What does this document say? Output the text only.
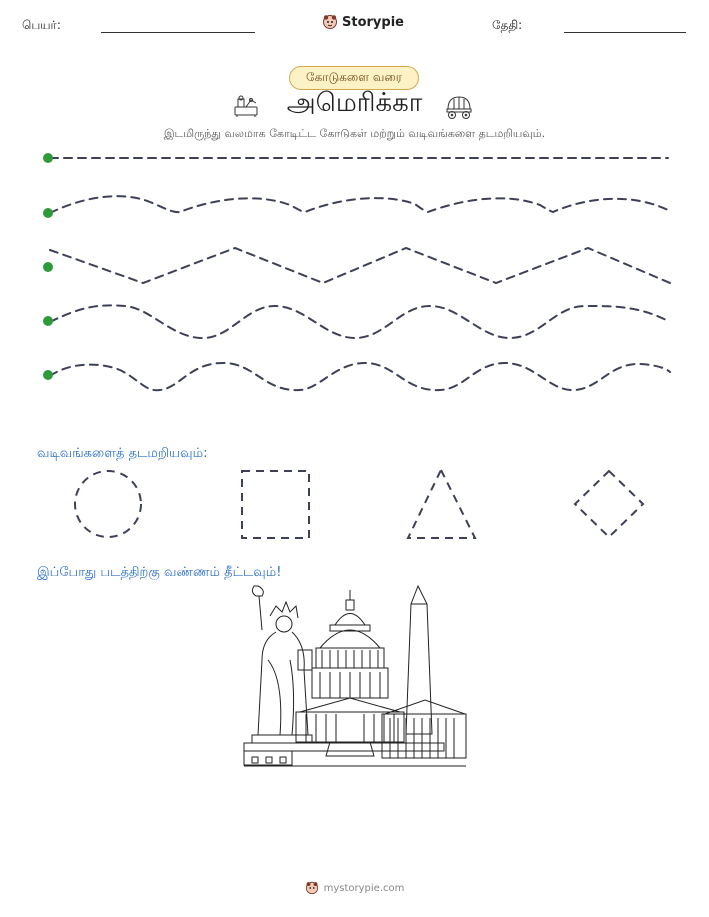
பெயர்:	Storypie	தேதி:
கோடுகளை வரை
அமெரிக்கா
இடமிருந்து வலமாக கோடிட்ட கோடுகள் மற்றும் வடிவங்களை தடமறியவும்.
வடிவங்களைத் தடமறியவும்:
இப்போது படத்திற்கு வண்ணம் தீட்டவும்!
mystorypie.com
